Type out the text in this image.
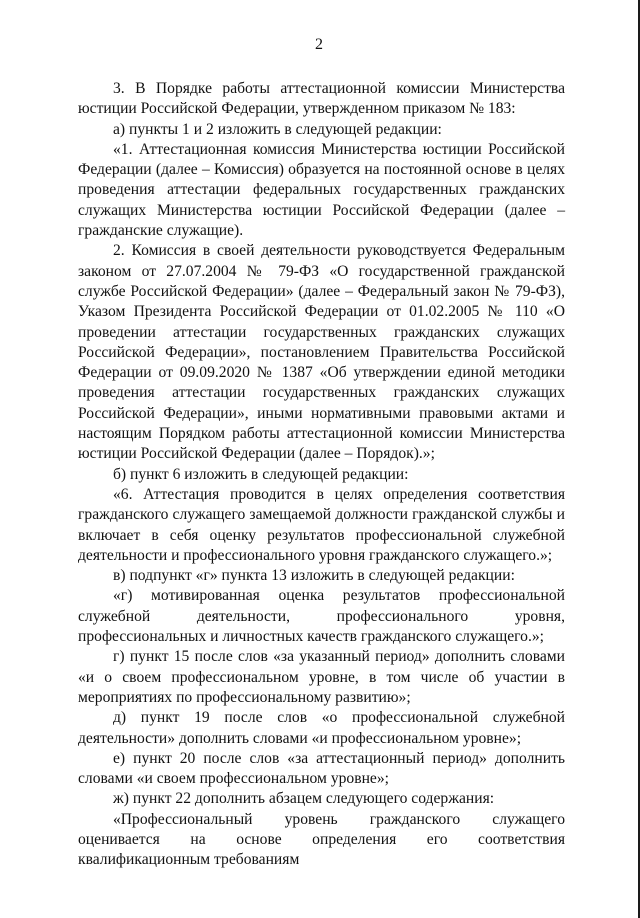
2
3. В Порядке работы аттестационной комиссии Министерства юстиции Российской Федерации, утвержденном приказом № 183:
а) пункты 1 и 2 изложить в следующей редакции:
«1. Аттестационная комиссия Министерства юстиции Российской Федерации (далее – Комиссия) образуется на постоянной основе в целях проведения аттестации федеральных государственных гражданских служащих Министерства юстиции Российской Федерации (далее – гражданские служащие).
2. Комиссия в своей деятельности руководствуется Федеральным законом от 27.07.2004 № 79-ФЗ «О государственной гражданской службе Российской Федерации» (далее – Федеральный закон № 79-ФЗ), Указом Президента Российской Федерации от 01.02.2005 № 110 «О проведении аттестации государственных гражданских служащих Российской Федерации», постановлением Правительства Российской Федерации от 09.09.2020 № 1387 «Об утверждении единой методики проведения аттестации государственных гражданских служащих Российской Федерации», иными нормативными правовыми актами и настоящим Порядком работы аттестационной комиссии Министерства юстиции Российской Федерации (далее – Порядок).»;
б) пункт 6 изложить в следующей редакции:
«6. Аттестация проводится в целях определения соответствия гражданского служащего замещаемой должности гражданской службы и включает в себя оценку результатов профессиональной служебной деятельности и профессионального уровня гражданского служащего.»;
в) подпункт «г» пункта 13 изложить в следующей редакции:
«г) мотивированная оценка результатов профессиональной служебной деятельности, профессионального уровня, профессиональных и личностных качеств гражданского служащего.»;
г) пункт 15 после слов «за указанный период» дополнить словами «и о своем профессиональном уровне, в том числе об участии в мероприятиях по профессиональному развитию»;
д) пункт 19 после слов «о профессиональной служебной деятельности» дополнить словами «и профессиональном уровне»;
е) пункт 20 после слов «за аттестационный период» дополнить словами «и своем профессиональном уровне»;
ж) пункт 22 дополнить абзацем следующего содержания:
«Профессиональный уровень гражданского служащего оценивается на основе определения его соответствия квалификационным требованиям
